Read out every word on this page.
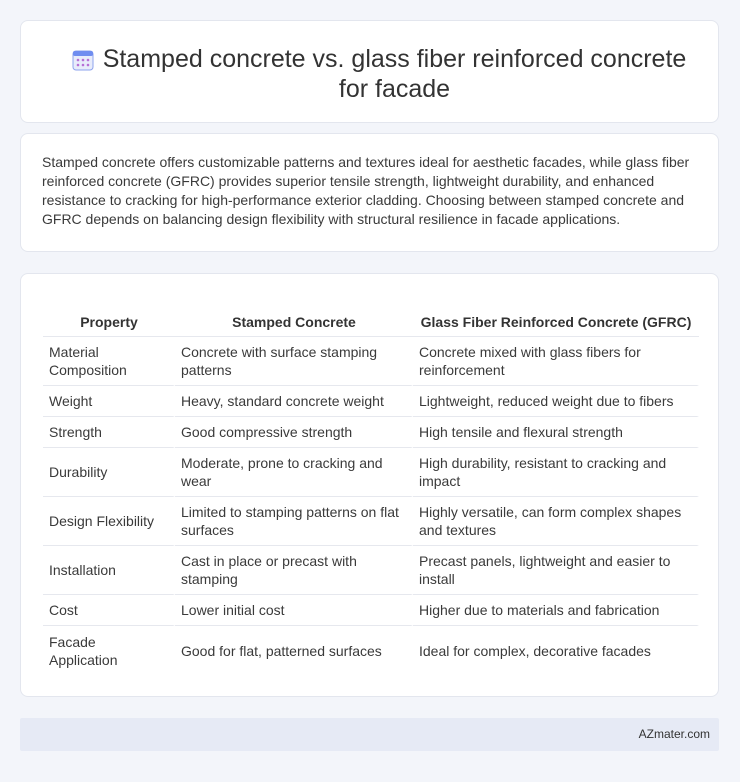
Stamped concrete vs. glass fiber reinforced concrete for facade

Stamped concrete offers customizable patterns and textures ideal for aesthetic facades, while glass fiber reinforced concrete (GFRC) provides superior tensile strength, lightweight durability, and enhanced resistance to cracking for high-performance exterior cladding. Choosing between stamped concrete and GFRC depends on balancing design flexibility with structural resilience in facade applications.

Property	Stamped Concrete	Glass Fiber Reinforced Concrete (GFRC)
Material Composition	Concrete with surface stamping patterns	Concrete mixed with glass fibers for reinforcement
Weight	Heavy, standard concrete weight	Lightweight, reduced weight due to fibers
Strength	Good compressive strength	High tensile and flexural strength
Durability	Moderate, prone to cracking and wear	High durability, resistant to cracking and impact
Design Flexibility	Limited to stamping patterns on flat surfaces	Highly versatile, can form complex shapes and textures
Installation	Cast in place or precast with stamping	Precast panels, lightweight and easier to install
Cost	Lower initial cost	Higher due to materials and fabrication
Facade Application	Good for flat, patterned surfaces	Ideal for complex, decorative facades
AZmater.com
